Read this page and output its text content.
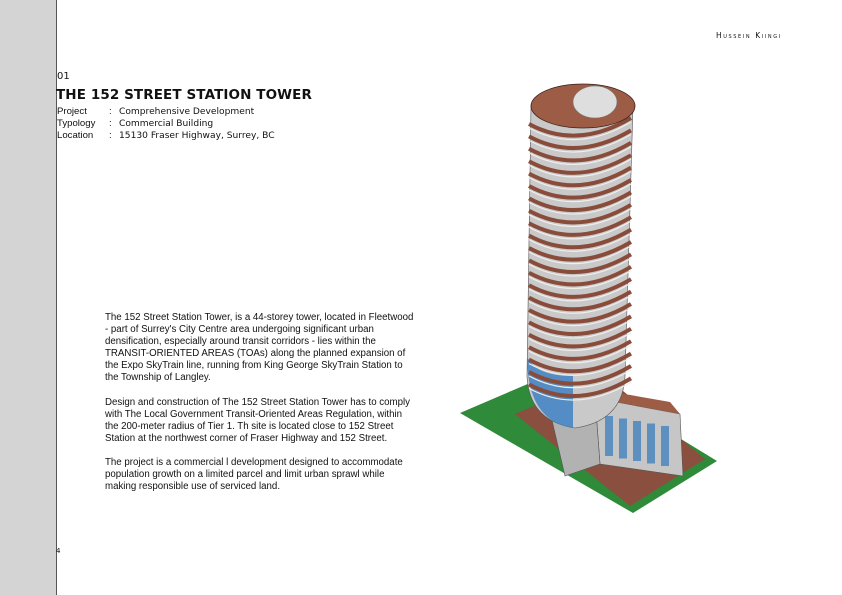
Hussein Kiingi
01
THE 152 STREET STATION TOWER
Project	: Comprehensive Development
Typology	: Commercial Building
Location	: 15130 Fraser Highway, Surrey, BC

The 152 Street Station Tower, is a 44-storey tower, located in Fleetwood - part of Surrey's City Centre area undergoing significant urban densification, especially around transit corridors - lies within the TRANSIT-ORIENTED AREAS (TOAs) along the planned expansion of the Expo SkyTrain line, running from King George SkyTrain Station to the Township of Langley.

Design and construction of The 152 Street Station Tower has to comply with The Local Government Transit-Oriented Areas Regulation, within the 200-meter radius of Tier 1. Th site is located close to 152 Street Station at the northwest corner of Fraser Highway and 152 Street.

The project is a commercial l development designed to accommodate population growth on a limited parcel and limit urban sprawl while making responsible use of serviced land.

4
